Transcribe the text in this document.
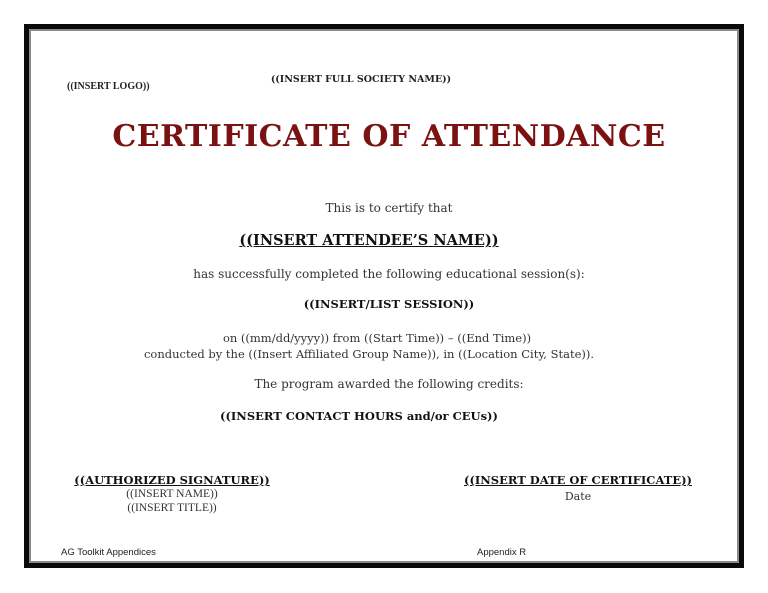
((INSERT LOGO))
((INSERT FULL SOCIETY NAME))
CERTIFICATE OF ATTENDANCE
This is to certify that
((INSERT ATTENDEE’S NAME))
has successfully completed the following educational session(s):
((INSERT/LIST SESSION))
on ((mm/dd/yyyy)) from ((Start Time)) – ((End Time))
conducted by the ((Insert Affiliated Group Name)), in ((Location City, State)).
The program awarded the following credits:
((INSERT CONTACT HOURS and/or CEUs))
((AUTHORIZED SIGNATURE))
((INSERT NAME))
((INSERT TITLE))
((INSERT DATE OF CERTIFICATE))
Date
AG Toolkit Appendices	Appendix R
